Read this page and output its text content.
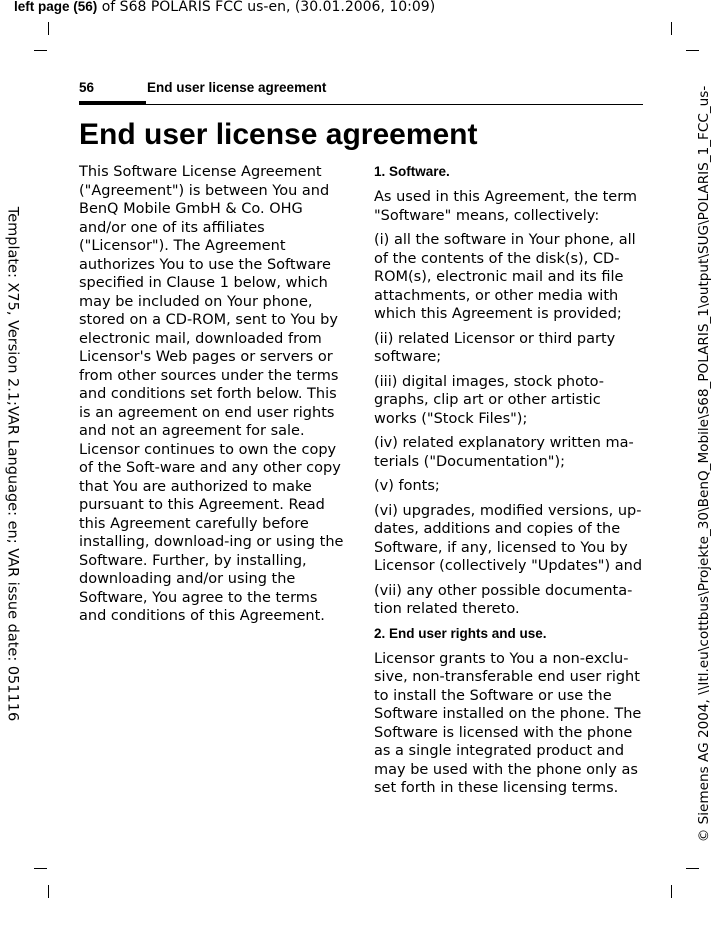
left page (56) of S68 POLARIS FCC us-en, (30.01.2006, 10:09)
Template: X75, Version 2.1;VAR Language: en; VAR issue date: 051116	© Siemens AG 2004, \\Itl.eu\cottbus\Projekte_30\BenQ_Mobile\S68_POLARIS_1\output\SUG\POLARIS_1_FCC_us-
56	End user license agreement
End user license agreement

This Software License Agreement ("Agreement") is between You and BenQ Mobile GmbH & Co. OHG and/or one of its affiliates ("Licensor"). The Agreement authorizes You to use the Software specified in Clause 1 below, which may be included on Your phone, stored on a CD-ROM, sent to You by electronic mail, downloaded from Licensor's Web pages or servers or from other sources under the terms and conditions set forth below. This is an agreement on end user rights and not an agreement for sale. Licensor continues to own the copy of the Soft-ware and any other copy that You are authorized to make pursuant to this Agreement. Read this Agreement carefully before installing, download-ing or using the Software. Further, by installing, downloading and/or using the Software, You agree to the terms and conditions of this Agreement.

1. Software.

As used in this Agreement, the term "Software" means, collectively:

(i) all the software in Your phone, all of the contents of the disk(s), CD-ROM(s), electronic mail and its file attachments, or other media with which this Agreement is provided;

(ii) related Licensor or third party software;

(iii) digital images, stock photo-graphs, clip art or other artistic works ("Stock Files");

(iv) related explanatory written ma-terials ("Documentation");

(v) fonts;

(vi) upgrades, modified versions, up-dates, additions and copies of the Software, if any, licensed to You by Licensor (collectively "Updates") and

(vii) any other possible documenta-tion related thereto.

2. End user rights and use.

Licensor grants to You a non-exclu-sive, non-transferable end user right to install the Software or use the Software installed on the phone. The Software is licensed with the phone as a single integrated product and may be used with the phone only as set forth in these licensing terms.
